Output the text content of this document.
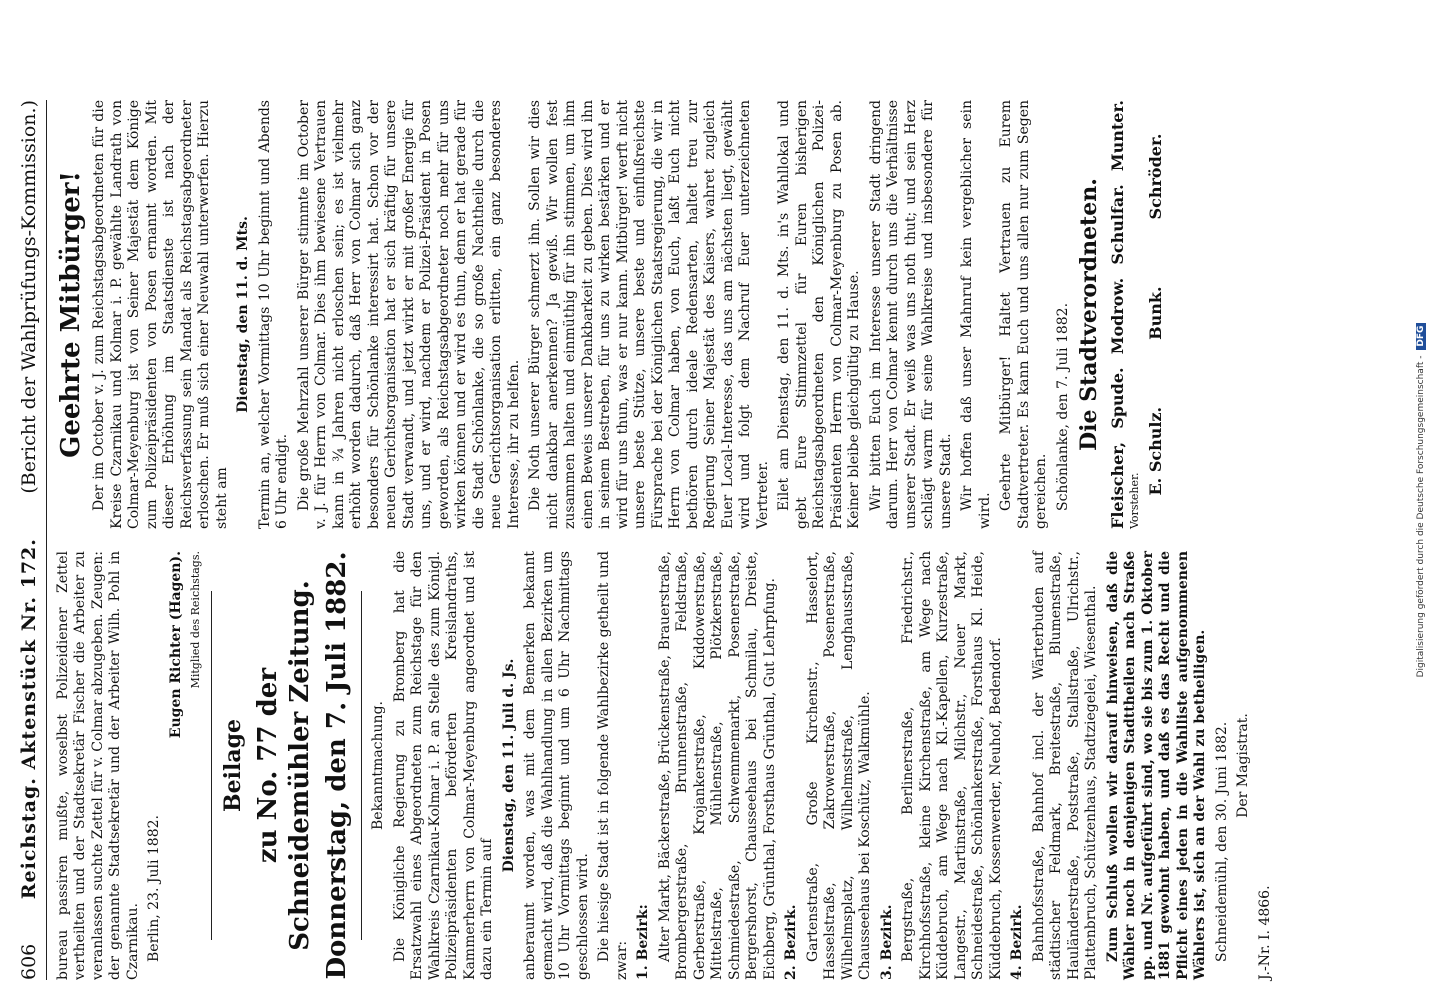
606
Reichstag. Aktenstück Nr. 172.
(Bericht der Wahlprüfungs-Kommission.)

bureau passiren mußte, woselbst Polizeidiener Zettel vertheilten und der Stadtsekretär Fischer die Arbeiter zu veranlassen suchte Zettel für v. Colmar abzugeben. Zeugen: der genannte Stadtsekretär und der Arbeiter Wilh. Pohl in Czarnikau. Berlin, 23. Juli 1882.

Eugen Richter (Hagen). Mitglied des Reichstags.

Beilage zu No. 77 der Schneidemühler Zeitung. Donnerstag, den 7. Juli 1882. Bekanntmachung. Die Königliche Regierung zu Bromberg hat die Ersatzwahl eines Abgeordneten zum Reichstage für den Wahlkreis Czarnikau-Kolmar i. P. an Stelle des zum Königl. Polizeipräsidenten beförderten Kreislandraths, Kammerherrn von Colmar-Meyenburg angeordnet und ist dazu ein Termin auf

Dienstag, den 11. Juli d. Js. anberaumt worden, was mit dem Bemerken bekannt gemacht wird, daß die Wahlhandlung in allen Bezirken um 10 Uhr Vormittags beginnt und um 6 Uhr Nachmittags geschlossen wird. Die hiesige Stadt ist in folgende Wahlbezirke getheilt und zwar: 1. Bezirk: Alter Markt, Bäckerstraße, Brückenstraße, Brauerstraße, Brombergerstraße, Brunnenstraße, Feldstraße, Gerberstraße, Krojankerstraße, Kiddowerstraße, Mittelstraße, Mühlenstraße, Plötzkerstraße, Schmiedestraße, Schwemmemarkt, Posenerstraße, Bergershorst, Chausseehaus bei Schmilau, Dreiste, Eichberg, Grünthal, Forsthaus Grünthal, Gut Lehrpfung. 2. Bezirk. Gartenstraße, Große Kirchenstr., Hasselort, Hasselstraße, Zakrowerstraße, Posenerstraße, Wilhelmsplatz, Wilhelmsstraße, Lenghausstraße, Chausseehaus bei Koschütz, Walkmühle. 3. Bezirk. Bergstraße, Berlinerstraße, Friedrichstr., Kirchhofsstraße, kleine Kirchenstraße, am Wege nach Küddebruch, am Wege nach Kl.-Kapellen, Kurzestraße, Langestr., Martinstraße, Milchstr., Neuer Markt, Schneidestraße, Schönlankerstraße, Forsthaus Kl. Heide, Küddebruch, Kossenwerder, Neuhof, Bedendorf. 4. Bezirk. Bahnhofsstraße, Bahnhof incl. der Wärterbuden auf städtischer Feldmark, Breitestraße, Blumenstraße, Hauländerstraße, Poststraße, Stallstraße, Ulrichstr., Plattenbruch, Schützenhaus, Stadtziegelei, Wiesenthal. Zum Schluß wollen wir darauf hinweisen, daß die Wähler noch in denjenigen Stadttheilen nach Straße pp. und Nr. aufgeführt sind, wo sie bis zum 1. Oktober 1881 gewohnt haben, und daß es das Recht und die Pflicht eines jeden in die Wahlliste aufgenommenen Wählers ist, sich an der Wahl zu betheiligen. Schneidemühl, den 30. Juni 1882. Der Magistrat.

J.-Nr. I. 4866.

Geehrte Mitbürger! Der im October v. J. zum Reichstagsabgeordneten für die Kreise Czarnikau und Kolmar i. P. gewählte Landrath von Colmar-Meyenburg ist von Seiner Majestät dem Könige zum Polizeipräsidenten von Posen ernannt worden. Mit dieser Erhöhung im Staatsdienste ist nach der Reichsverfassung sein Mandat als Reichstagsabgeordneter erloschen. Er muß sich einer Neuwahl unterwerfen. Hierzu steht am

Dienstag, den 11. d. Mts. Termin an, welcher Vormittags 10 Uhr beginnt und Abends 6 Uhr endigt. Die große Mehrzahl unserer Bürger stimmte im October v. J. für Herrn von Colmar. Dies ihm bewiesene Vertrauen kann in ¾ Jahren nicht erloschen sein; es ist vielmehr erhöht worden dadurch, daß Herr von Colmar sich ganz besonders für Schönlanke interessirt hat. Schon vor der neuen Gerichtsorganisation hat er sich kräftig für unsere Stadt verwandt, und jetzt wirkt er mit großer Energie für uns, und er wird, nachdem er Polizei-Präsident in Posen geworden, als Reichstagsabgeordneter noch mehr für uns wirken können und er wird es thun, denn er hat gerade für die Stadt Schönlanke, die so große Nachtheile durch die neue Gerichtsorganisation erlitten, ein ganz besonderes Interesse, ihr zu helfen. Die Noth unserer Bürger schmerzt ihn. Sollen wir dies nicht dankbar anerkennen? Ja gewiß. Wir wollen fest zusammen halten und einmüthig für ihn stimmen, um ihm einen Beweis unserer Dankbarkeit zu geben. Dies wird ihn in seinem Bestreben, für uns zu wirken bestärken und er wird für uns thun, was er nur kann. Mitbürger! werft nicht unsere beste Stütze, unsere beste und einflußreichste Fürsprache bei der Königlichen Staatsregierung, die wir in Herrn von Colmar haben, von Euch, laßt Euch nicht bethören durch ideale Redensarten, haltet treu zur Regierung Seiner Majestät des Kaisers, wahret zugleich Euer Local-Interesse, das uns am nächsten liegt, gewählt wird und folgt dem Nachruf Euer unterzeichneten Vertreter. Eilet am Dienstag, den 11. d. Mts. in's Wahllokal und gebt Eure Stimmzettel für Euren bisherigen Reichstagsabgeordneten den Königlichen Polizei-Präsidenten Herrn von Colmar-Meyenburg zu Posen ab. Keiner bleibe gleichgültig zu Hause. Wir bitten Euch im Interesse unserer Stadt dringend darum. Herr von Colmar kennt durch uns die Verhältnisse unserer Stadt. Er weiß was uns noth thut; und sein Herz schlägt warm für seine Wahlkreise und insbesondere für unsere Stadt. Wir hoffen daß unser Mahnruf kein vergeblicher sein wird. Geehrte Mitbürger! Haltet Vertrauen zu Eurem Stadtvertreter. Es kann Euch und uns allen nur zum Segen gereichen. Schönlanke, den 7. Juli 1882. Die Stadtverordneten.

Fleischer,
Spude.
Modrow.
Schulfar.
Munter.

Vorsteher.

E. Schulz.
Bunk.
Schröder.
Digitalisierung gefördert durch die Deutsche Forschungsgemeinschaft - DFG
